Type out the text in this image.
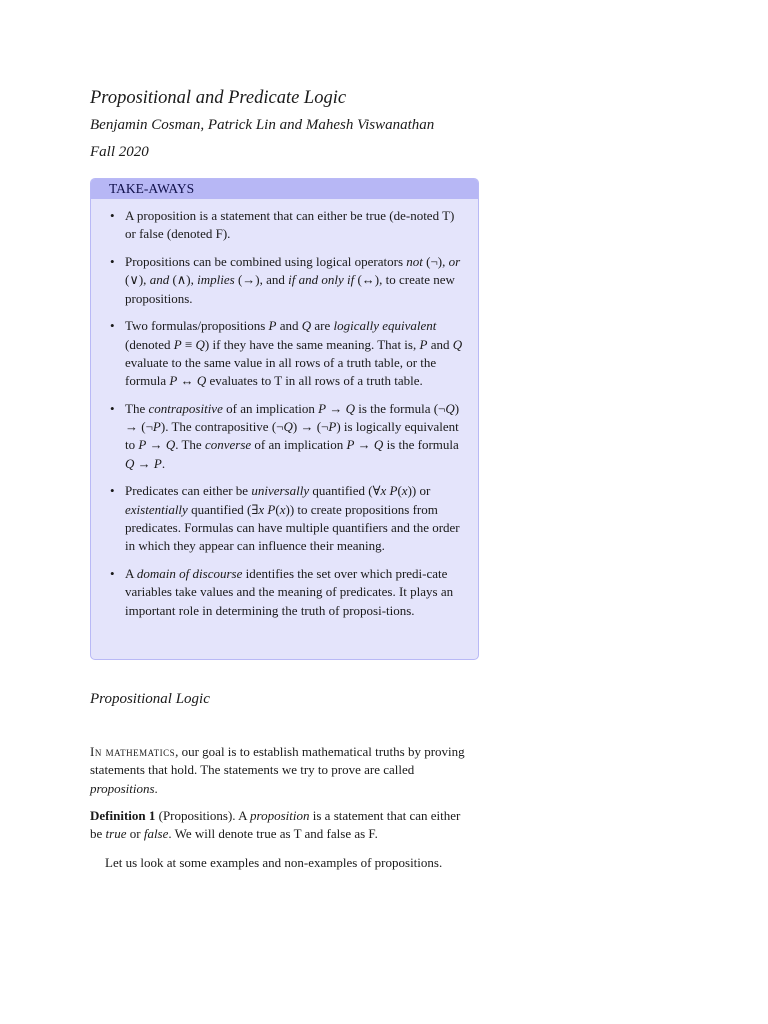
Propositional and Predicate Logic
Benjamin Cosman, Patrick Lin and Mahesh Viswanathan
Fall 2020
TAKE-AWAYS
• A proposition is a statement that can either be true (de-noted T) or false (denoted F).
• Propositions can be combined using logical operators not (¬), or (∨), and (∧), implies (→), and if and only if (↔), to create new propositions.
• Two formulas/propositions P and Q are logically equivalent (denoted P ≡ Q) if they have the same meaning. That is, P and Q evaluate to the same value in all rows of a truth table, or the formula P ↔ Q evaluates to T in all rows of a truth table.
• The contrapositive of an implication P → Q is the formula (¬Q) → (¬P). The contrapositive (¬Q) → (¬P) is logically equivalent to P → Q. The converse of an implication P → Q is the formula Q → P.
• Predicates can either be universally quantified (∀x P(x)) or existentially quantified (∃x P(x)) to create propositions from predicates. Formulas can have multiple quantifiers and the order in which they appear can influence their meaning.
• A domain of discourse identifies the set over which predi-cate variables take values and the meaning of predicates. It plays an important role in determining the truth of proposi-tions.
Propositional Logic
In mathematics, our goal is to establish mathematical truths by proving statements that hold. The statements we try to prove are called propositions.
Definition 1 (Propositions). A proposition is a statement that can either be true or false. We will denote true as T and false as F.
Let us look at some examples and non-examples of propositions.
